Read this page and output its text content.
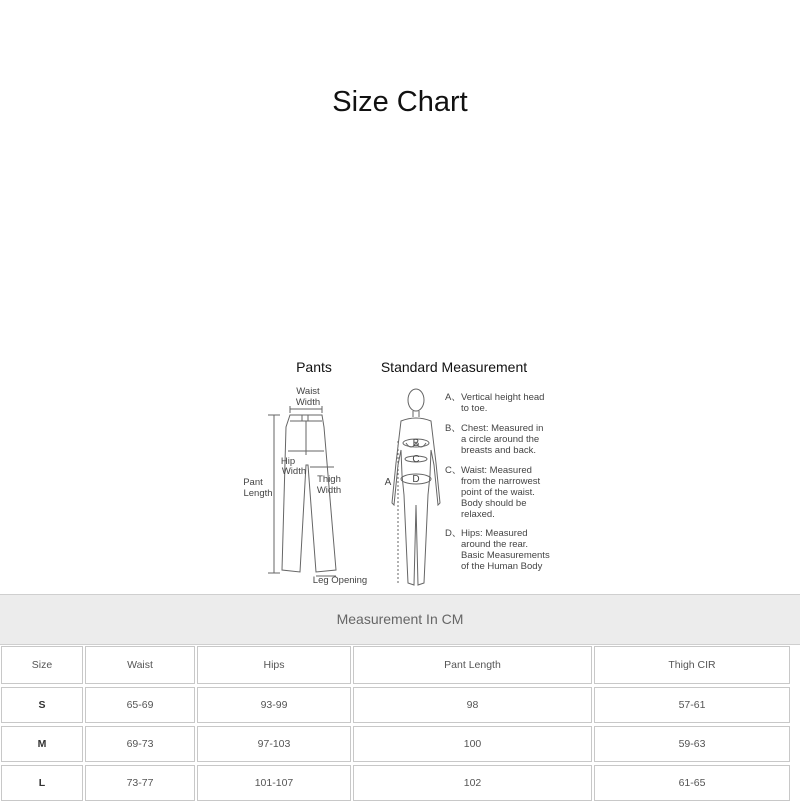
Size Chart
Pants	Standard Measurement
Waist
Width
Hip
Width
Thigh
Width
Pant
Length
Leg Opening
B
C
D
A
A、 Vertical height head
to toe.
B、 Chest: Measured in
a circle around the
breasts and back.
C、 Waist: Measured
from the narrowest
point of the waist.
Body should be
relaxed.
D、 Hips: Measured
around the rear.
Basic Measurements
of the Human Body
Measurement In CM
Size	Waist	Hips	Pant Length	Thigh CIR
S	65-69	93-99	98	57-61
M	69-73	97-103	100	59-63
L	73-77	101-107	102	61-65
